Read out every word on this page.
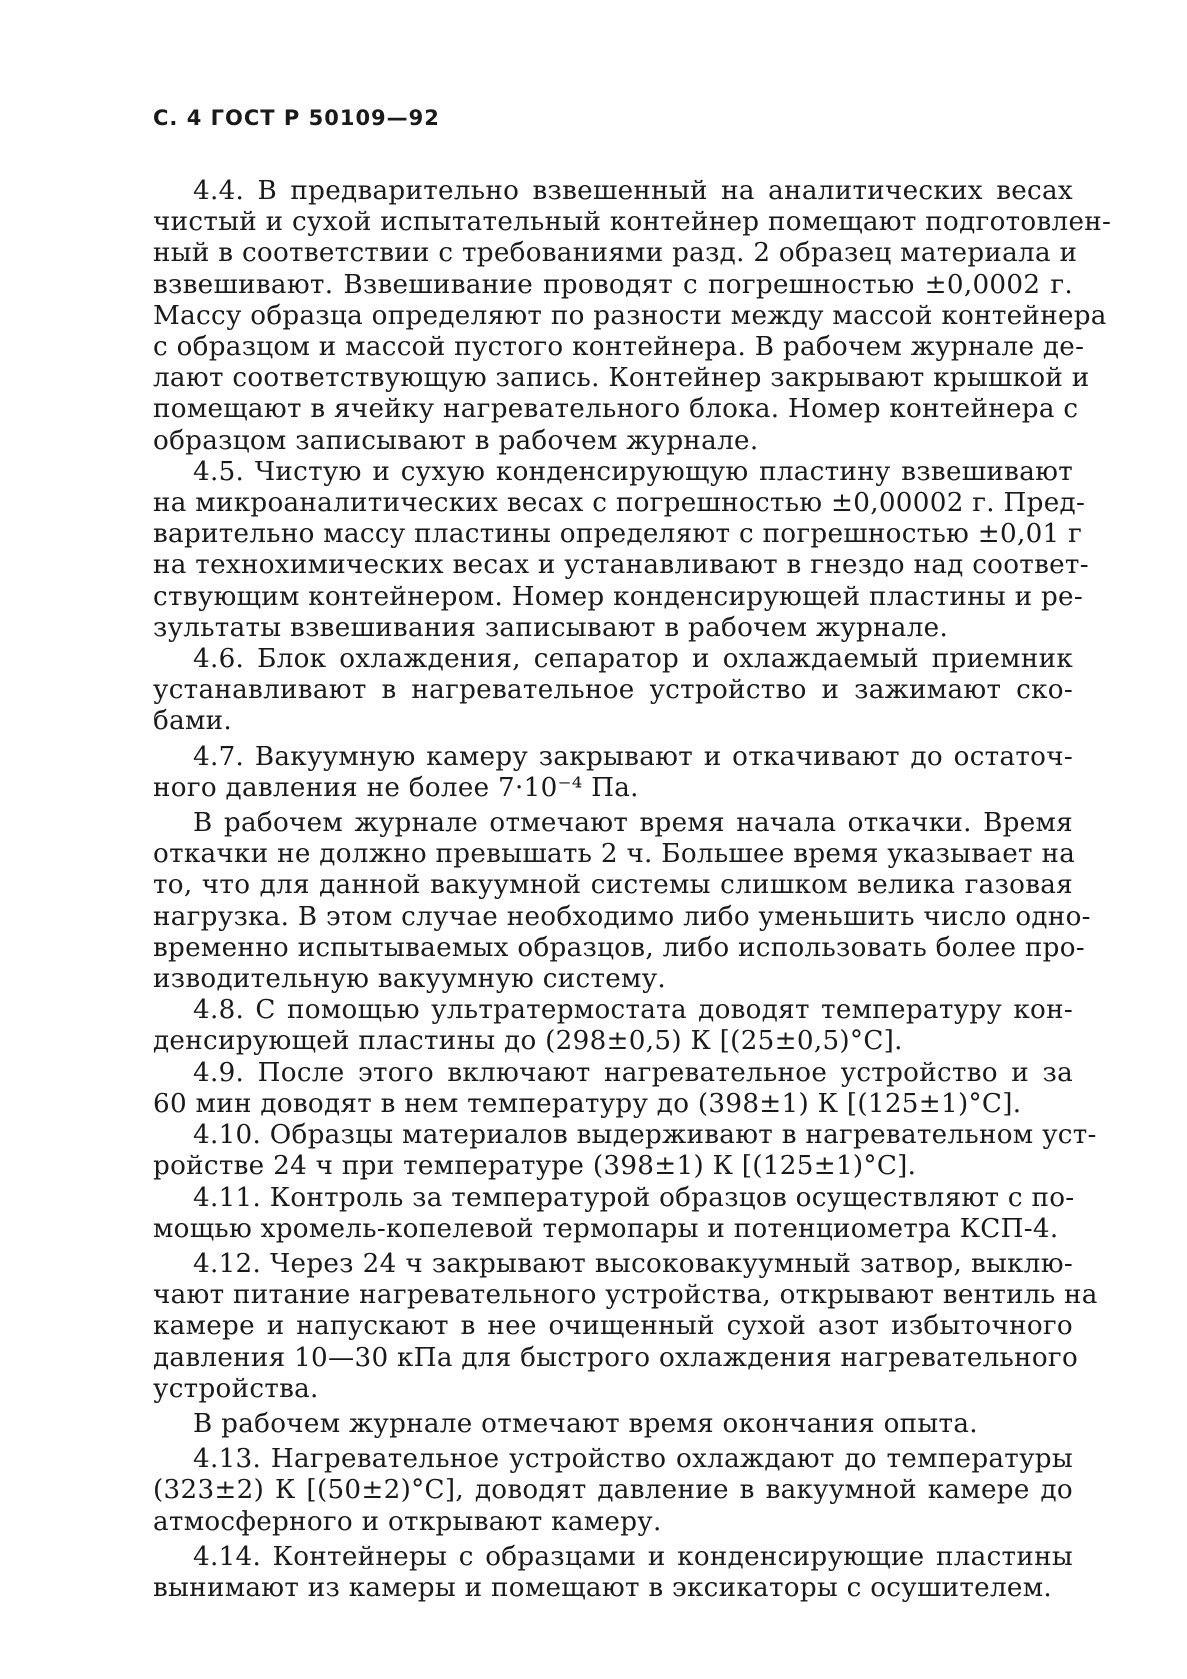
С. 4 ГОСТ Р 50109—92
4.4. В предварительно взвешенный на аналитических весах
чистый и сухой испытательный контейнер помещают подготовлен-
ный в соответствии с требованиями разд. 2 образец материала и
взвешивают. Взвешивание проводят с погрешностью ±0,0002 г.
Массу образца определяют по разности между массой контейнера
с образцом и массой пустого контейнера. В рабочем журнале де-
лают соответствующую запись. Контейнер закрывают крышкой и
помещают в ячейку нагревательного блока. Номер контейнера с
образцом записывают в рабочем журнале.
4.5. Чистую и сухую конденсирующую пластину взвешивают
на микроаналитических весах с погрешностью ±0,00002 г. Пред-
варительно массу пластины определяют с погрешностью ±0,01 г
на технохимических весах и устанавливают в гнездо над соответ-
ствующим контейнером. Номер конденсирующей пластины и ре-
зультаты взвешивания записывают в рабочем журнале.
4.6. Блок охлаждения, сепаратор и охлаждаемый приемник
устанавливают в нагревательное устройство и зажимают ско-
бами.
4.7. Вакуумную камеру закрывают и откачивают до остаточ-
ного давления не более 7·10⁻⁴ Па.
В рабочем журнале отмечают время начала откачки. Время
откачки не должно превышать 2 ч. Большее время указывает на
то, что для данной вакуумной системы слишком велика газовая
нагрузка. В этом случае необходимо либо уменьшить число одно-
временно испытываемых образцов, либо использовать более про-
изводительную вакуумную систему.
4.8. С помощью ультратермостата доводят температуру кон-
денсирующей пластины до (298±0,5) К [(25±0,5)°С].
4.9. После этого включают нагревательное устройство и за
60 мин доводят в нем температуру до (398±1) К [(125±1)°С].
4.10. Образцы материалов выдерживают в нагревательном уст-
ройстве 24 ч при температуре (398±1) К [(125±1)°С].
4.11. Контроль за температурой образцов осуществляют с по-
мощью хромель-копелевой термопары и потенциометра КСП-4.
4.12. Через 24 ч закрывают высоковакуумный затвор, выклю-
чают питание нагревательного устройства, открывают вентиль на
камере и напускают в нее очищенный сухой азот избыточного
давления 10—30 кПа для быстрого охлаждения нагревательного
устройства.
В рабочем журнале отмечают время окончания опыта.
4.13. Нагревательное устройство охлаждают до температуры
(323±2) К [(50±2)°С], доводят давление в вакуумной камере до
атмосферного и открывают камеру.
4.14. Контейнеры с образцами и конденсирующие пластины
вынимают из камеры и помещают в эксикаторы с осушителем.
